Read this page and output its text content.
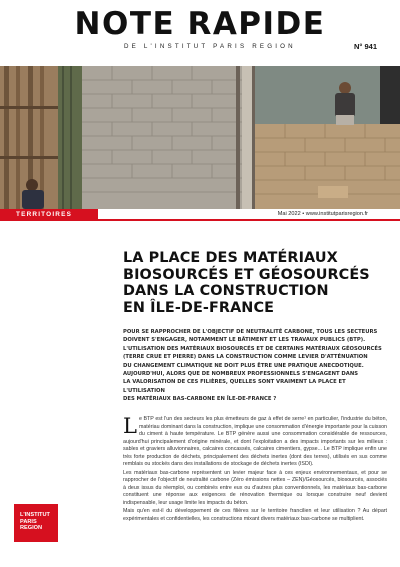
NOTE RAPIDE
DE L'INSTITUT PARIS REGION	N° 941
TERRITOIRES	Mai 2022 • www.institutparisregion.fr
LA PLACE DES MATÉRIAUX
BIOSOURCÉS ET GÉOSOURCÉS
DANS LA CONSTRUCTION
EN ÎLE-DE-FRANCE

POUR SE RAPPROCHER DE L'OBJECTIF DE NEUTRALITÉ CARBONE, TOUS LES SECTEURS
DOIVENT S'ENGAGER, NOTAMMENT LE BÂTIMENT ET LES TRAVAUX PUBLICS (BTP).
L'UTILISATION DES MATÉRIAUX BIOSOURCÉS ET DE CERTAINS MATÉRIAUX GÉOSOURCÉS
(TERRE CRUE ET PIERRE) DANS LA CONSTRUCTION COMME LEVIER D'ATTÉNUATION
DU CHANGEMENT CLIMATIQUE NE DOIT PLUS ÊTRE UNE PRATIQUE ANECDOTIQUE.
AUJOURD'HUI, ALORS QUE DE NOMBREUX PROFESSIONNELS S'ENGAGENT DANS
LA VALORISATION DE CES FILIÈRES, QUELLES SONT VRAIMENT LA PLACE ET L'UTILISATION
DES MATÉRIAUX BAS-CARBONE EN ÎLE-DE-FRANCE ?

Le BTP est l'un des secteurs les plus émetteurs de gaz à effet de serre¹ en particulier, l'industrie du béton, matériau dominant dans la construction, implique une consommation d'énergie importante pour la cuisson du ciment à haute température. Le BTP génère aussi une consommation considérable de ressources, aujourd'hui principalement d'origine minérale, et dont l'exploitation a des impacts importants sur les milieux : sables et graviers alluvionnaires, calcaires concassés, calcaires cimentiers, gypse... Le BTP implique enfin une très forte production de déchets, principalement des déchets inertes (dont des terres), utilisés en sus comme remblais ou stockés dans des installations de stockage de déchets inertes (ISDI).

Les matériaux bas-carbone représentent un levier majeur face à ces enjeux environnementaux, et pour se rapprocher de l'objectif de neutralité carbone (Zéro émissions nettes – ZEN)/Géosourcés, biosourcés, associés à deux issus du réemploi, ou combinés entre eux ou d'autres plus conventionnels, les matériaux bas-carbone constituent une réponse aux exigences de rénovation thermique ou lorsque construire neuf devient indispensable, leur usage limite les impacts du béton.

Mais qu'en est-il du développement de ces filières sur le territoire francilien et leur utilisation ? Au départ expérimentales et confidentielles, les constructions mixant divers matériaux bas-carbone se multiplient.

L'INSTITUT
PARIS
REGION
